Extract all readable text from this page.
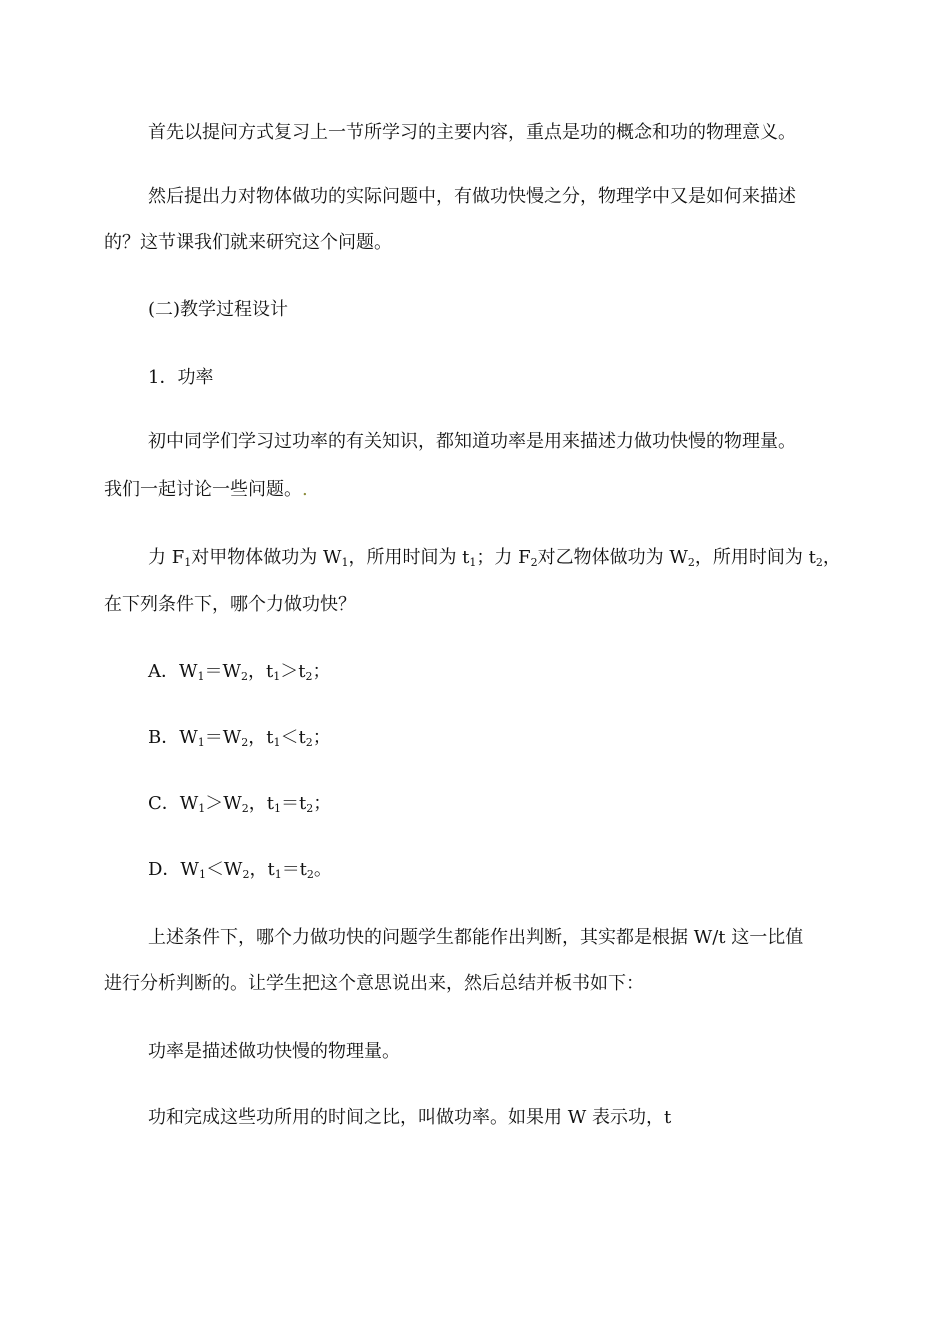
首先以提问方式复习上一节所学习的主要内容，重点是功的概念和功的物理意义。
然后提出力对物体做功的实际问题中，有做功快慢之分，物理学中又是如何来描述
的？这节课我们就来研究这个问题。
(二)教学过程设计
1．功率
初中同学们学习过功率的有关知识，都知道功率是用来描述力做功快慢的物理量。
我们一起讨论一些问题。.
力 $F_1$对甲物体做功为 $W_1$，所用时间为 $t_1$；力 $F_2$对乙物体做功为 $W_2$，所用时间为 $t_2$，
在下列条件下，哪个力做功快？
A．$W_1=W_2$，$t_1>t_2$；
B．$W_1=W_2$，$t_1<t_2$；
C．$W_1>W_2$，$t_1=t_2$；
D．$W_1<W_2$，$t_1=t_2$。
上述条件下，哪个力做功快的问题学生都能作出判断，其实都是根据 W/t 这一比值
进行分析判断的。让学生把这个意思说出来，然后总结并板书如下：
功率是描述做功快慢的物理量。
功和完成这些功所用的时间之比，叫做功率。如果用 W 表示功，t
